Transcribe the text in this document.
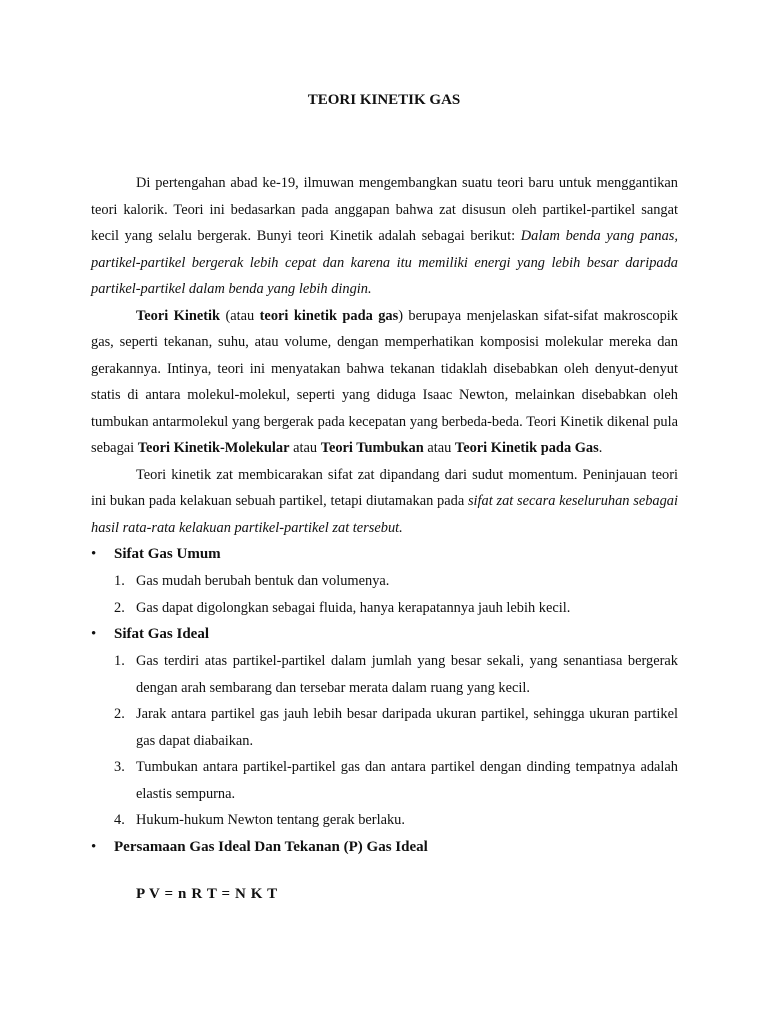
TEORI KINETIK GAS

Di pertengahan abad ke-19, ilmuwan mengembangkan suatu teori baru untuk menggantikan teori kalorik. Teori ini bedasarkan pada anggapan bahwa zat disusun oleh partikel-partikel sangat kecil yang selalu bergerak. Bunyi teori Kinetik adalah sebagai berikut: Dalam benda yang panas, partikel-partikel bergerak lebih cepat dan karena itu memiliki energi yang lebih besar daripada partikel-partikel dalam benda yang lebih dingin.

Teori Kinetik (atau teori kinetik pada gas) berupaya menjelaskan sifat-sifat makroscopik gas, seperti tekanan, suhu, atau volume, dengan memperhatikan komposisi molekular mereka dan gerakannya. Intinya, teori ini menyatakan bahwa tekanan tidaklah disebabkan oleh denyut-denyut statis di antara molekul-molekul, seperti yang diduga Isaac Newton, melainkan disebabkan oleh tumbukan antarmolekul yang bergerak pada kecepatan yang berbeda-beda. Teori Kinetik dikenal pula sebagai Teori Kinetik-Molekular atau Teori Tumbukan atau Teori Kinetik pada Gas.

Teori kinetik zat membicarakan sifat zat dipandang dari sudut momentum. Peninjauan teori ini bukan pada kelakuan sebuah partikel, tetapi diutamakan pada sifat zat secara keseluruhan sebagai hasil rata-rata kelakuan partikel-partikel zat tersebut.

•	Sifat Gas Umum
1. Gas mudah berubah bentuk dan volumenya.
2. Gas dapat digolongkan sebagai fluida, hanya kerapatannya jauh lebih kecil.
•	Sifat Gas Ideal
1. Gas terdiri atas partikel-partikel dalam jumlah yang besar sekali, yang senantiasa bergerak dengan arah sembarang dan tersebar merata dalam ruang yang kecil.
2. Jarak antara partikel gas jauh lebih besar daripada ukuran partikel, sehingga ukuran partikel gas dapat diabaikan.
3. Tumbukan antara partikel-partikel gas dan antara partikel dengan dinding tempatnya adalah elastis sempurna.
4. Hukum-hukum Newton tentang gerak berlaku.
•	Persamaan Gas Ideal Dan Tekanan (P) Gas Ideal

P V = n R T = N K T
